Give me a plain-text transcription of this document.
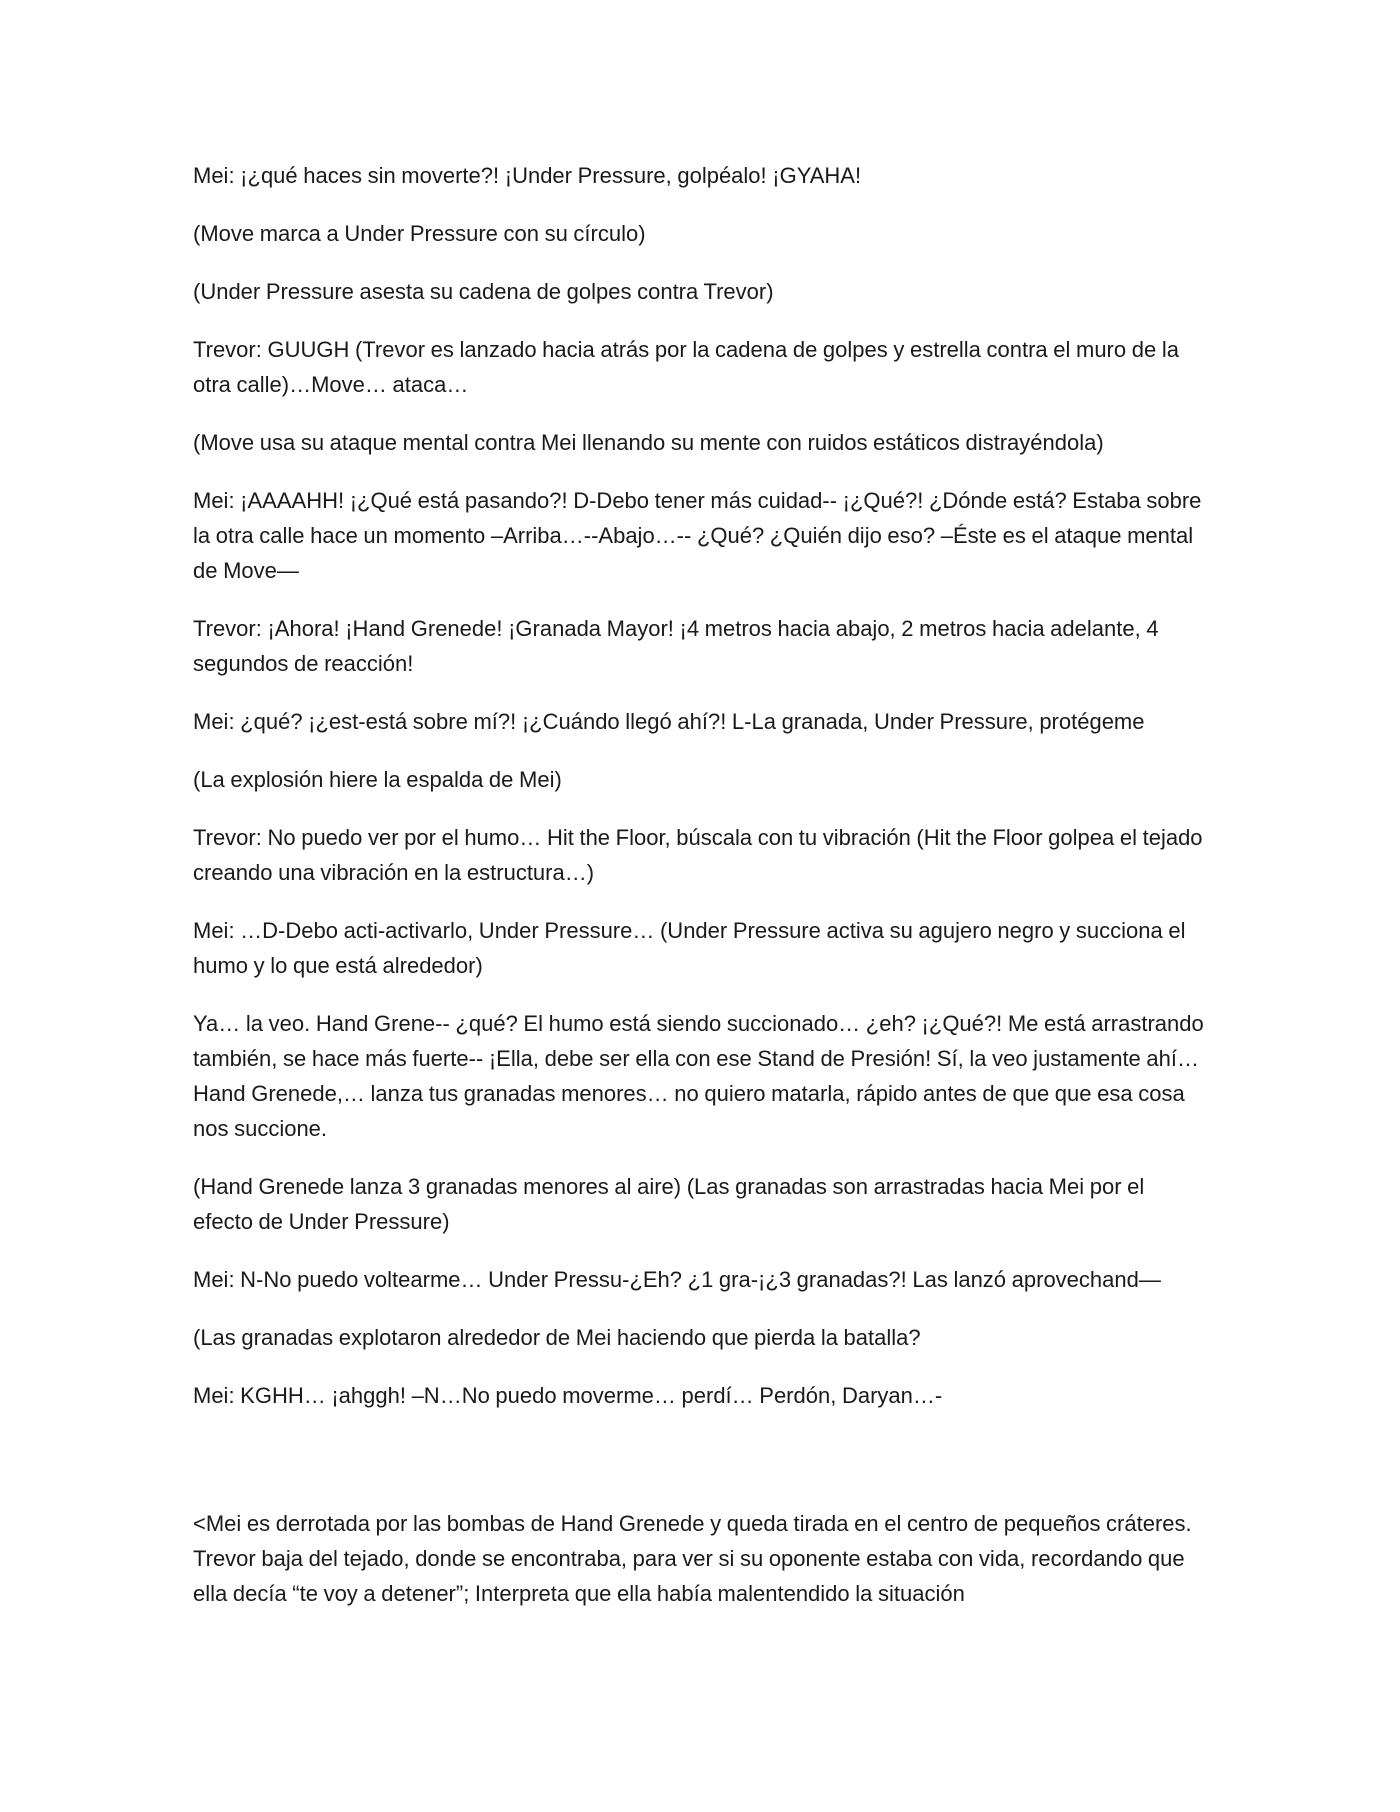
Mei: ¡¿qué haces sin moverte?! ¡Under Pressure, golpéalo! ¡GYAHA!

(Move marca a Under Pressure con su círculo)

(Under Pressure asesta su cadena de golpes contra Trevor)

Trevor: GUUGH (Trevor es lanzado hacia atrás por la cadena de golpes y estrella contra el muro de la otra calle)…Move… ataca…

(Move usa su ataque mental contra Mei llenando su mente con ruidos estáticos distrayéndola)

Mei: ¡AAAAHH! ¡¿Qué está pasando?! D-Debo tener más cuidad-- ¡¿Qué?! ¿Dónde está? Estaba sobre la otra calle hace un momento –Arriba…--Abajo…-- ¿Qué? ¿Quién dijo eso? –Éste es el ataque mental de Move—

Trevor: ¡Ahora! ¡Hand Grenede! ¡Granada Mayor! ¡4 metros hacia abajo, 2 metros hacia adelante, 4 segundos de reacción!

Mei: ¿qué? ¡¿est-está sobre mí?! ¡¿Cuándo llegó ahí?! L-La granada, Under Pressure, protégeme

(La explosión hiere la espalda de Mei)

Trevor: No puedo ver por el humo… Hit the Floor, búscala con tu vibración (Hit the Floor golpea el tejado creando una vibración en la estructura…)

Mei: …D-Debo acti-activarlo, Under Pressure… (Under Pressure activa su agujero negro y succiona el humo y lo que está alrededor)

Ya… la veo. Hand Grene-- ¿qué? El humo está siendo succionado… ¿eh? ¡¿Qué?! Me está arrastrando también, se hace más fuerte-- ¡Ella, debe ser ella con ese Stand de Presión! Sí, la veo justamente ahí… Hand Grenede,… lanza tus granadas menores… no quiero matarla, rápido antes de que que esa cosa nos succione.

(Hand Grenede lanza 3 granadas menores al aire) (Las granadas son arrastradas hacia Mei por el efecto de Under Pressure)

Mei: N-No puedo voltearme… Under Pressu-¿Eh? ¿1 gra-¡¿3 granadas?! Las lanzó aprovechand—

(Las granadas explotaron alrededor de Mei haciendo que pierda la batalla?

Mei: KGHH… ¡ahggh! –N…No puedo moverme… perdí… Perdón, Daryan…-

<Mei es derrotada por las bombas de Hand Grenede y queda tirada en el centro de pequeños cráteres. Trevor baja del tejado, donde se encontraba, para ver si su oponente estaba con vida, recordando que ella decía “te voy a detener”; Interpreta que ella había malentendido la situación
